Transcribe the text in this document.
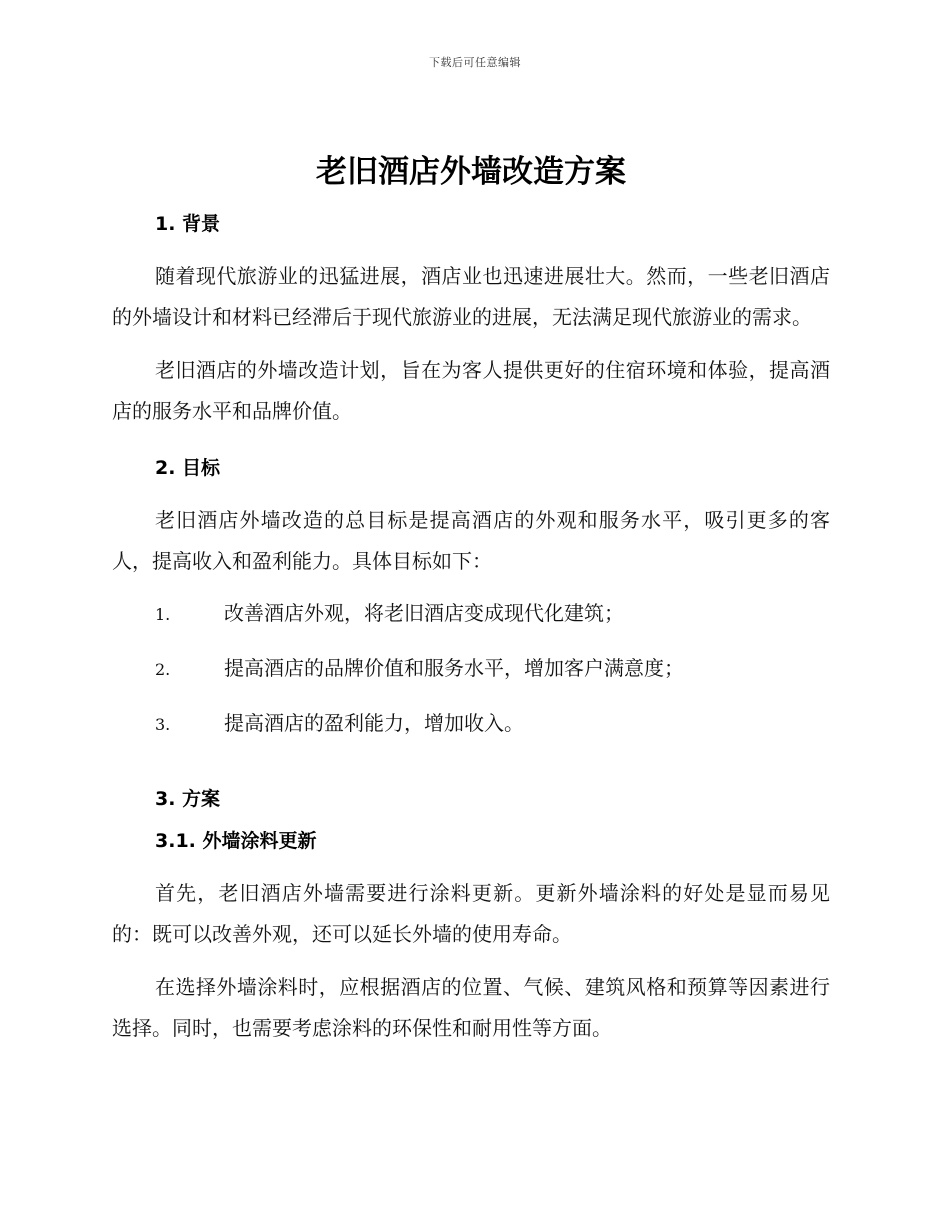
下载后可任意编辑
老旧酒店外墙改造方案
1. 背景

随着现代旅游业的迅猛进展，酒店业也迅速进展壮大。然而，一些老旧酒店的外墙设计和材料已经滞后于现代旅游业的进展，无法满足现代旅游业的需求。

老旧酒店的外墙改造计划，旨在为客人提供更好的住宿环境和体验，提高酒店的服务水平和品牌价值。

2. 目标

老旧酒店外墙改造的总目标是提高酒店的外观和服务水平，吸引更多的客人，提高收入和盈利能力。具体目标如下：

1.	改善酒店外观，将老旧酒店变成现代化建筑；
2.	提高酒店的品牌价值和服务水平，增加客户满意度；
3.	提高酒店的盈利能力，增加收入。
3. 方案
3.1. 外墙涂料更新

首先，老旧酒店外墙需要进行涂料更新。更新外墙涂料的好处是显而易见的：既可以改善外观，还可以延长外墙的使用寿命。

在选择外墙涂料时，应根据酒店的位置、气候、建筑风格和预算等因素进行选择。同时，也需要考虑涂料的环保性和耐用性等方面。
